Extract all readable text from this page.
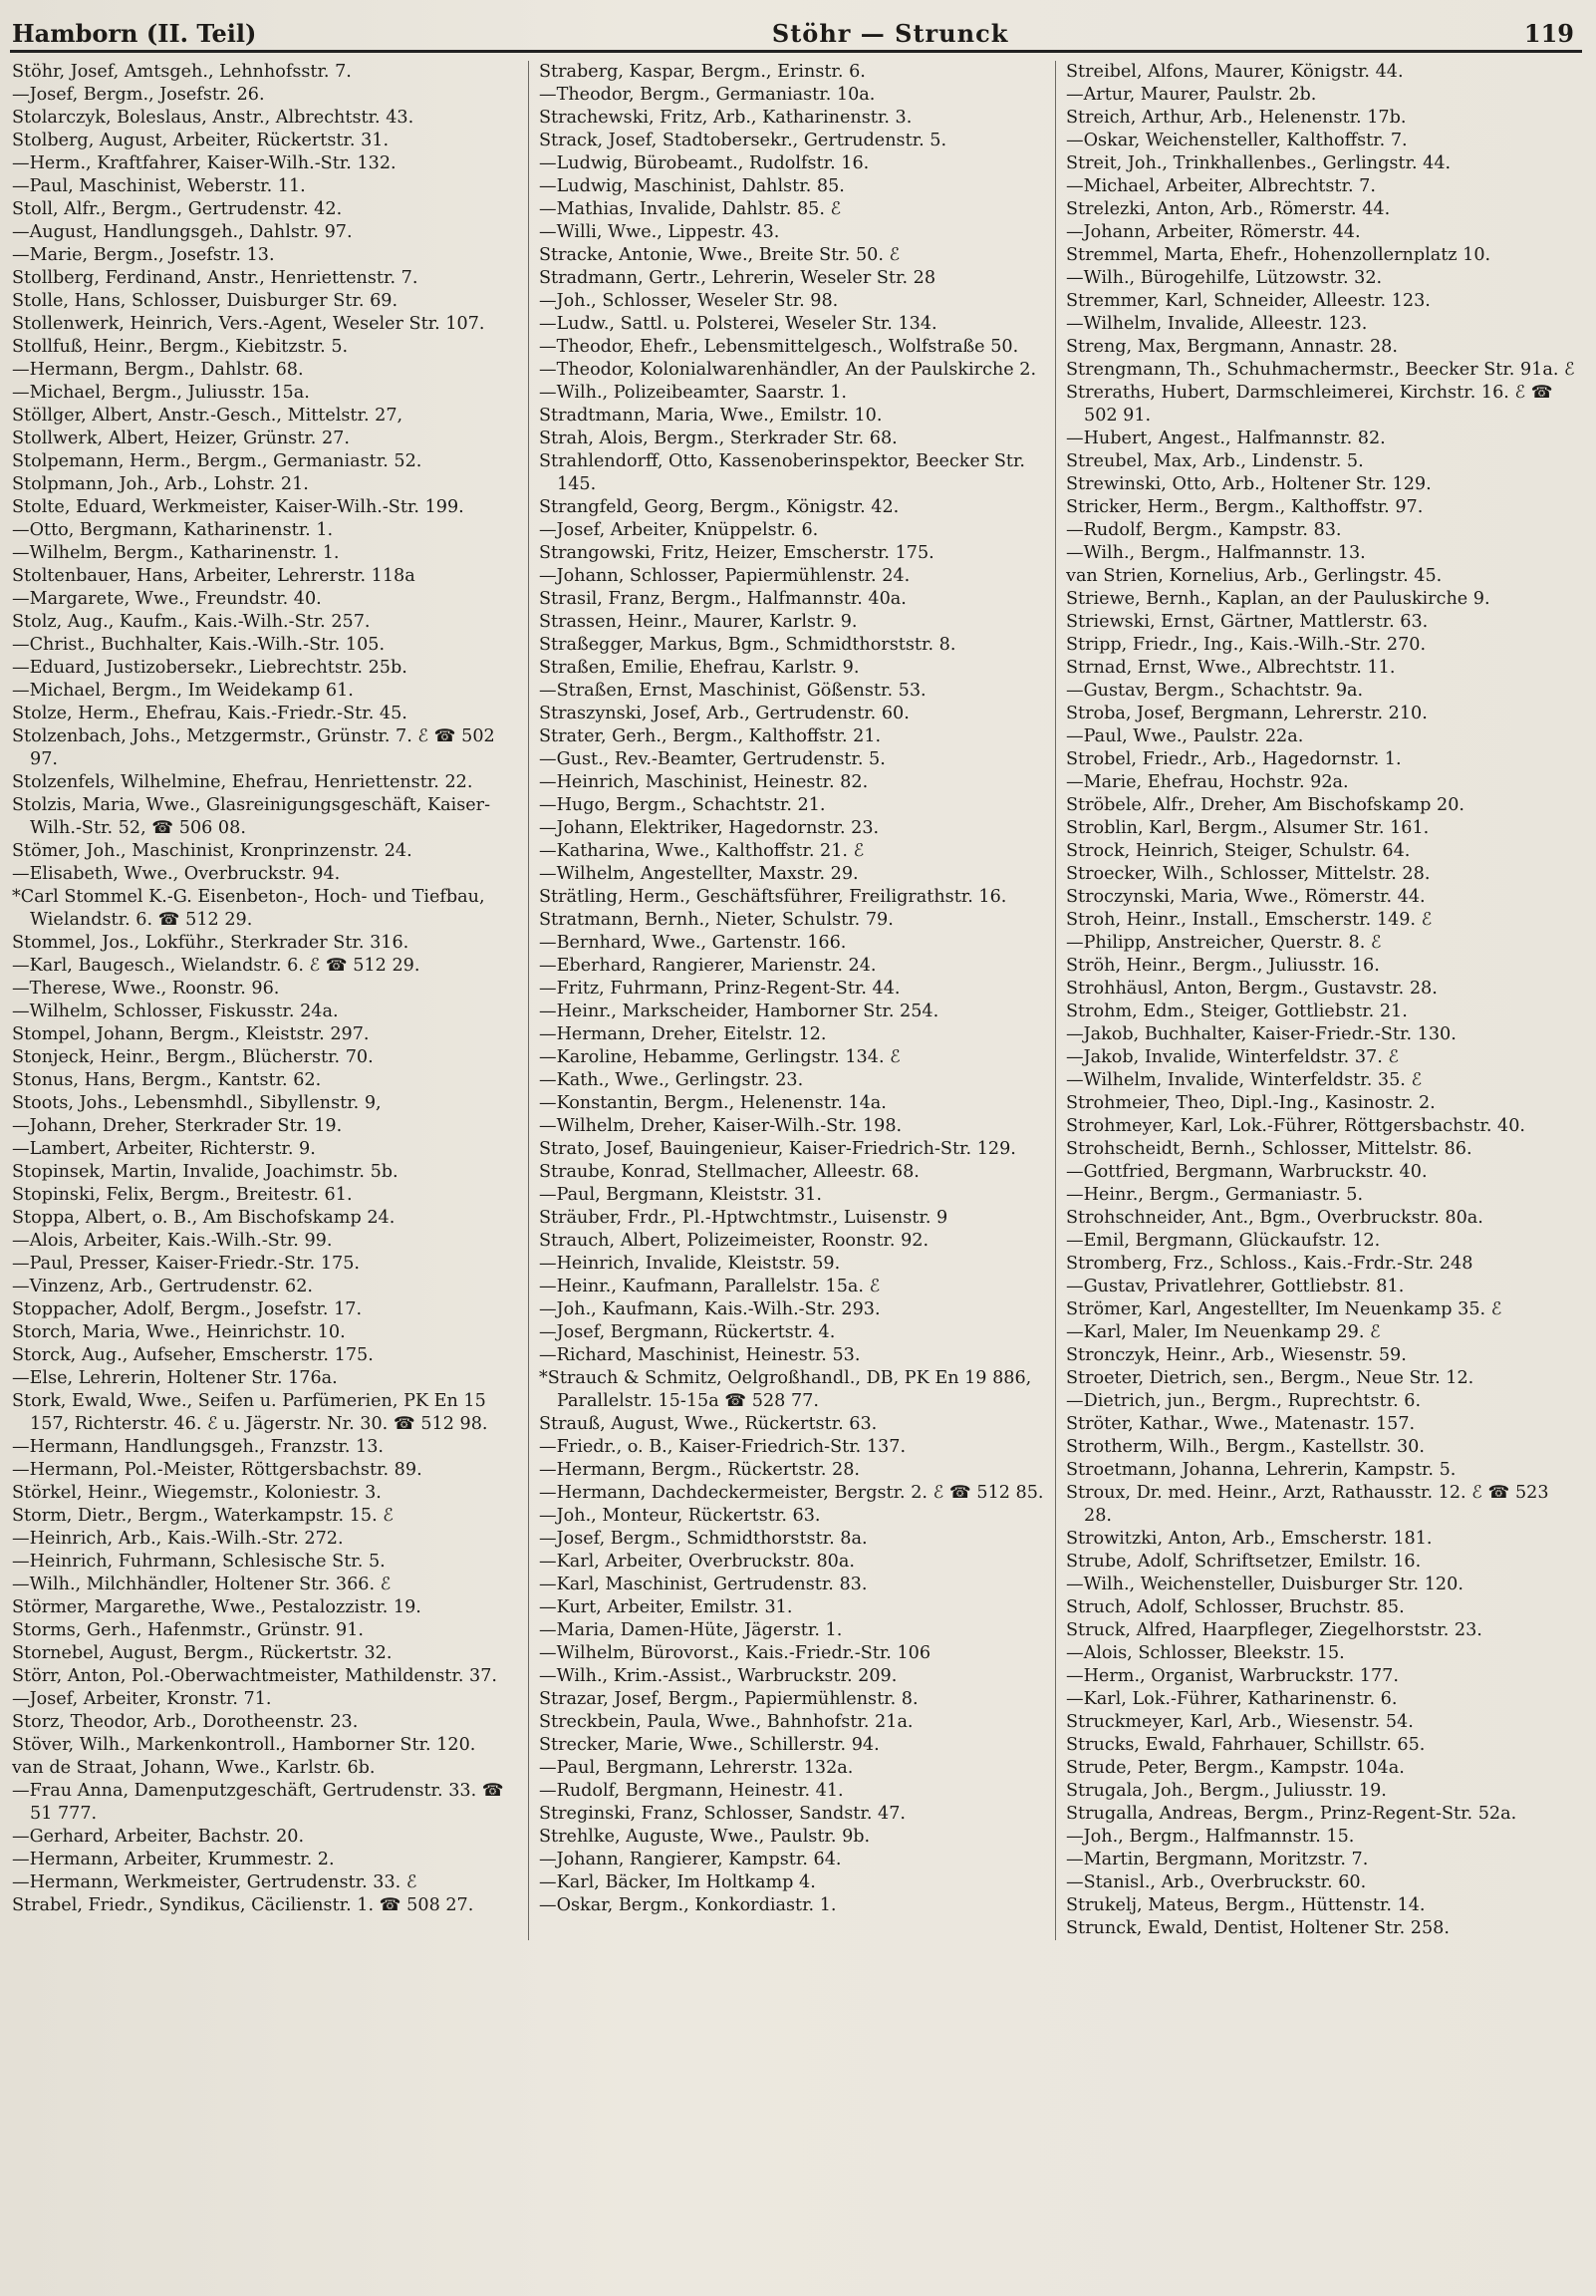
Hamborn (II. Teil)	Stöhr — Strunck	119

Stöhr, Josef, Amtsgeh., Lehnhofsstr. 7.

—Josef, Bergm., Josefstr. 26.

Stolarczyk, Boleslaus, Anstr., Albrechtstr. 43.

Stolberg, August, Arbeiter, Rückertstr. 31.

—Herm., Kraftfahrer, Kaiser-Wilh.-Str. 132.

—Paul, Maschinist, Weberstr. 11.

Stoll, Alfr., Bergm., Gertrudenstr. 42.

—August, Handlungsgeh., Dahlstr. 97.

—Marie, Bergm., Josefstr. 13.

Stollberg, Ferdinand, Anstr., Henriettenstr. 7.

Stolle, Hans, Schlosser, Duisburger Str. 69.

Stollenwerk, Heinrich, Vers.-Agent, Weseler Str. 107.

Stollfuß, Heinr., Bergm., Kiebitzstr. 5.

—Hermann, Bergm., Dahlstr. 68.

—Michael, Bergm., Juliusstr. 15a.

Stöllger, Albert, Anstr.-Gesch., Mittelstr. 27,

Stollwerk, Albert, Heizer, Grünstr. 27.

Stolpemann, Herm., Bergm., Germaniastr. 52.

Stolpmann, Joh., Arb., Lohstr. 21.

Stolte, Eduard, Werkmeister, Kaiser-Wilh.-Str. 199.

—Otto, Bergmann, Katharinenstr. 1.

—Wilhelm, Bergm., Katharinenstr. 1.

Stoltenbauer, Hans, Arbeiter, Lehrerstr. 118a

—Margarete, Wwe., Freundstr. 40.

Stolz, Aug., Kaufm., Kais.-Wilh.-Str. 257.

—Christ., Buchhalter, Kais.-Wilh.-Str. 105.

—Eduard, Justizobersekr., Liebrechtstr. 25b.

—Michael, Bergm., Im Weidekamp 61.

Stolze, Herm., Ehefrau, Kais.-Friedr.-Str. 45.

Stolzenbach, Johs., Metzgermstr., Grünstr. 7. ℰ ☎ 502 97.

Stolzenfels, Wilhelmine, Ehefrau, Henriettenstr. 22.

Stolzis, Maria, Wwe., Glasreinigungsgeschäft, Kaiser-Wilh.-Str. 52, ☎ 506 08.

Stömer, Joh., Maschinist, Kronprinzenstr. 24.

—Elisabeth, Wwe., Overbruckstr. 94.

*Carl Stommel K.-G. Eisenbeton-, Hoch- und Tiefbau, Wielandstr. 6. ☎ 512 29.

Stommel, Jos., Lokführ., Sterkrader Str. 316.

—Karl, Baugesch., Wielandstr. 6. ℰ ☎ 512 29.

—Therese, Wwe., Roonstr. 96.

—Wilhelm, Schlosser, Fiskusstr. 24a.

Stompel, Johann, Bergm., Kleiststr. 297.

Stonjeck, Heinr., Bergm., Blücherstr. 70.

Stonus, Hans, Bergm., Kantstr. 62.

Stoots, Johs., Lebensmhdl., Sibyllenstr. 9,

—Johann, Dreher, Sterkrader Str. 19.

—Lambert, Arbeiter, Richterstr. 9.

Stopinsek, Martin, Invalide, Joachimstr. 5b.

Stopinski, Felix, Bergm., Breitestr. 61.

Stoppa, Albert, o. B., Am Bischofskamp 24.

—Alois, Arbeiter, Kais.-Wilh.-Str. 99.

—Paul, Presser, Kaiser-Friedr.-Str. 175.

—Vinzenz, Arb., Gertrudenstr. 62.

Stoppacher, Adolf, Bergm., Josefstr. 17.

Storch, Maria, Wwe., Heinrichstr. 10.

Storck, Aug., Aufseher, Emscherstr. 175.

—Else, Lehrerin, Holtener Str. 176a.

Stork, Ewald, Wwe., Seifen u. Parfümerien, PK En 15 157, Richterstr. 46. ℰ u. Jägerstr. Nr. 30. ☎ 512 98.

—Hermann, Handlungsgeh., Franzstr. 13.

—Hermann, Pol.-Meister, Röttgersbachstr. 89.

Störkel, Heinr., Wiegemstr., Koloniestr. 3.

Storm, Dietr., Bergm., Waterkampstr. 15. ℰ

—Heinrich, Arb., Kais.-Wilh.-Str. 272.

—Heinrich, Fuhrmann, Schlesische Str. 5.

—Wilh., Milchhändler, Holtener Str. 366. ℰ

Störmer, Margarethe, Wwe., Pestalozzistr. 19.

Storms, Gerh., Hafenmstr., Grünstr. 91.

Stornebel, August, Bergm., Rückertstr. 32.

Störr, Anton, Pol.-Oberwachtmeister, Mathildenstr. 37.

—Josef, Arbeiter, Kronstr. 71.

Storz, Theodor, Arb., Dorotheenstr. 23.

Stöver, Wilh., Markenkontroll., Hamborner Str. 120.

van de Straat, Johann, Wwe., Karlstr. 6b.

—Frau Anna, Damenputzgeschäft, Gertrudenstr. 33. ☎ 51 777.

—Gerhard, Arbeiter, Bachstr. 20.

—Hermann, Arbeiter, Krummestr. 2.

—Hermann, Werkmeister, Gertrudenstr. 33. ℰ

Strabel, Friedr., Syndikus, Cäcilienstr. 1. ☎ 508 27.

Straberg, Kaspar, Bergm., Erinstr. 6.

—Theodor, Bergm., Germaniastr. 10a.

Strachewski, Fritz, Arb., Katharinenstr. 3.

Strack, Josef, Stadtobersekr., Gertrudenstr. 5.

—Ludwig, Bürobeamt., Rudolfstr. 16.

—Ludwig, Maschinist, Dahlstr. 85.

—Mathias, Invalide, Dahlstr. 85. ℰ

—Willi, Wwe., Lippestr. 43.

Stracke, Antonie, Wwe., Breite Str. 50. ℰ

Stradmann, Gertr., Lehrerin, Weseler Str. 28

—Joh., Schlosser, Weseler Str. 98.

—Ludw., Sattl. u. Polsterei, Weseler Str. 134.

—Theodor, Ehefr., Lebensmittelgesch., Wolfstraße 50.

—Theodor, Kolonialwarenhändler, An der Paulskirche 2.

—Wilh., Polizeibeamter, Saarstr. 1.

Stradtmann, Maria, Wwe., Emilstr. 10.

Strah, Alois, Bergm., Sterkrader Str. 68.

Strahlendorff, Otto, Kassenoberinspektor, Beecker Str. 145.

Strangfeld, Georg, Bergm., Königstr. 42.

—Josef, Arbeiter, Knüppelstr. 6.

Strangowski, Fritz, Heizer, Emscherstr. 175.

—Johann, Schlosser, Papiermühlenstr. 24.

Strasil, Franz, Bergm., Halfmannstr. 40a.

Strassen, Heinr., Maurer, Karlstr. 9.

Straßegger, Markus, Bgm., Schmidthorststr. 8.

Straßen, Emilie, Ehefrau, Karlstr. 9.

—Straßen, Ernst, Maschinist, Gößenstr. 53.

Straszynski, Josef, Arb., Gertrudenstr. 60.

Strater, Gerh., Bergm., Kalthoffstr. 21.

—Gust., Rev.-Beamter, Gertrudenstr. 5.

—Heinrich, Maschinist, Heinestr. 82.

—Hugo, Bergm., Schachtstr. 21.

—Johann, Elektriker, Hagedornstr. 23.

—Katharina, Wwe., Kalthoffstr. 21. ℰ

—Wilhelm, Angestellter, Maxstr. 29.

Strätling, Herm., Geschäftsführer, Freiligrathstr. 16.

Stratmann, Bernh., Nieter, Schulstr. 79.

—Bernhard, Wwe., Gartenstr. 166.

—Eberhard, Rangierer, Marienstr. 24.

—Fritz, Fuhrmann, Prinz-Regent-Str. 44.

—Heinr., Markscheider, Hamborner Str. 254.

—Hermann, Dreher, Eitelstr. 12.

—Karoline, Hebamme, Gerlingstr. 134. ℰ

—Kath., Wwe., Gerlingstr. 23.

—Konstantin, Bergm., Helenenstr. 14a.

—Wilhelm, Dreher, Kaiser-Wilh.-Str. 198.

Strato, Josef, Bauingenieur, Kaiser-Friedrich-Str. 129.

Straube, Konrad, Stellmacher, Alleestr. 68.

—Paul, Bergmann, Kleiststr. 31.

Sträuber, Frdr., Pl.-Hptwchtmstr., Luisenstr. 9

Strauch, Albert, Polizeimeister, Roonstr. 92.

—Heinrich, Invalide, Kleiststr. 59.

—Heinr., Kaufmann, Parallelstr. 15a. ℰ

—Joh., Kaufmann, Kais.-Wilh.-Str. 293.

—Josef, Bergmann, Rückertstr. 4.

—Richard, Maschinist, Heinestr. 53.

*Strauch & Schmitz, Oelgroßhandl., DB, PK En 19 886, Parallelstr. 15-15a ☎ 528 77.

Strauß, August, Wwe., Rückertstr. 63.

—Friedr., o. B., Kaiser-Friedrich-Str. 137.

—Hermann, Bergm., Rückertstr. 28.

—Hermann, Dachdeckermeister, Bergstr. 2. ℰ ☎ 512 85.

—Joh., Monteur, Rückertstr. 63.

—Josef, Bergm., Schmidthorststr. 8a.

—Karl, Arbeiter, Overbruckstr. 80a.

—Karl, Maschinist, Gertrudenstr. 83.

—Kurt, Arbeiter, Emilstr. 31.

—Maria, Damen-Hüte, Jägerstr. 1.

—Wilhelm, Bürovorst., Kais.-Friedr.-Str. 106

—Wilh., Krim.-Assist., Warbruckstr. 209.

Strazar, Josef, Bergm., Papiermühlenstr. 8.

Streckbein, Paula, Wwe., Bahnhofstr. 21a.

Strecker, Marie, Wwe., Schillerstr. 94.

—Paul, Bergmann, Lehrerstr. 132a.

—Rudolf, Bergmann, Heinestr. 41.

Streginski, Franz, Schlosser, Sandstr. 47.

Strehlke, Auguste, Wwe., Paulstr. 9b.

—Johann, Rangierer, Kampstr. 64.

—Karl, Bäcker, Im Holtkamp 4.

—Oskar, Bergm., Konkordiastr. 1.

Streibel, Alfons, Maurer, Königstr. 44.

—Artur, Maurer, Paulstr. 2b.

Streich, Arthur, Arb., Helenenstr. 17b.

—Oskar, Weichensteller, Kalthoffstr. 7.

Streit, Joh., Trinkhallenbes., Gerlingstr. 44.

—Michael, Arbeiter, Albrechtstr. 7.

Strelezki, Anton, Arb., Römerstr. 44.

—Johann, Arbeiter, Römerstr. 44.

Stremmel, Marta, Ehefr., Hohenzollernplatz 10.

—Wilh., Bürogehilfe, Lützowstr. 32.

Stremmer, Karl, Schneider, Alleestr. 123.

—Wilhelm, Invalide, Alleestr. 123.

Streng, Max, Bergmann, Annastr. 28.

Strengmann, Th., Schuhmachermstr., Beecker Str. 91a. ℰ

Streraths, Hubert, Darmschleimerei, Kirchstr. 16. ℰ ☎ 502 91.

—Hubert, Angest., Halfmannstr. 82.

Streubel, Max, Arb., Lindenstr. 5.

Strewinski, Otto, Arb., Holtener Str. 129.

Stricker, Herm., Bergm., Kalthoffstr. 97.

—Rudolf, Bergm., Kampstr. 83.

—Wilh., Bergm., Halfmannstr. 13.

van Strien, Kornelius, Arb., Gerlingstr. 45.

Striewe, Bernh., Kaplan, an der Pauluskirche 9.

Striewski, Ernst, Gärtner, Mattlerstr. 63.

Stripp, Friedr., Ing., Kais.-Wilh.-Str. 270.

Strnad, Ernst, Wwe., Albrechtstr. 11.

—Gustav, Bergm., Schachtstr. 9a.

Stroba, Josef, Bergmann, Lehrerstr. 210.

—Paul, Wwe., Paulstr. 22a.

Strobel, Friedr., Arb., Hagedornstr. 1.

—Marie, Ehefrau, Hochstr. 92a.

Ströbele, Alfr., Dreher, Am Bischofskamp 20.

Stroblin, Karl, Bergm., Alsumer Str. 161.

Strock, Heinrich, Steiger, Schulstr. 64.

Stroecker, Wilh., Schlosser, Mittelstr. 28.

Stroczynski, Maria, Wwe., Römerstr. 44.

Stroh, Heinr., Install., Emscherstr. 149. ℰ

—Philipp, Anstreicher, Querstr. 8. ℰ

Ströh, Heinr., Bergm., Juliusstr. 16.

Strohhäusl, Anton, Bergm., Gustavstr. 28.

Strohm, Edm., Steiger, Gottliebstr. 21.

—Jakob, Buchhalter, Kaiser-Friedr.-Str. 130.

—Jakob, Invalide, Winterfeldstr. 37. ℰ

—Wilhelm, Invalide, Winterfeldstr. 35. ℰ

Strohmeier, Theo, Dipl.-Ing., Kasinostr. 2.

Strohmeyer, Karl, Lok.-Führer, Röttgersbachstr. 40.

Strohscheidt, Bernh., Schlosser, Mittelstr. 86.

—Gottfried, Bergmann, Warbruckstr. 40.

—Heinr., Bergm., Germaniastr. 5.

Strohschneider, Ant., Bgm., Overbruckstr. 80a.

—Emil, Bergmann, Glückaufstr. 12.

Stromberg, Frz., Schloss., Kais.-Frdr.-Str. 248

—Gustav, Privatlehrer, Gottliebstr. 81.

Strömer, Karl, Angestellter, Im Neuenkamp 35. ℰ

—Karl, Maler, Im Neuenkamp 29. ℰ

Stronczyk, Heinr., Arb., Wiesenstr. 59.

Stroeter, Dietrich, sen., Bergm., Neue Str. 12.

—Dietrich, jun., Bergm., Ruprechtstr. 6.

Ströter, Kathar., Wwe., Matenastr. 157.

Strotherm, Wilh., Bergm., Kastellstr. 30.

Stroetmann, Johanna, Lehrerin, Kampstr. 5.

Stroux, Dr. med. Heinr., Arzt, Rathausstr. 12. ℰ ☎ 523 28.

Strowitzki, Anton, Arb., Emscherstr. 181.

Strube, Adolf, Schriftsetzer, Emilstr. 16.

—Wilh., Weichensteller, Duisburger Str. 120.

Struch, Adolf, Schlosser, Bruchstr. 85.

Struck, Alfred, Haarpfleger, Ziegelhorststr. 23.

—Alois, Schlosser, Bleekstr. 15.

—Herm., Organist, Warbruckstr. 177.

—Karl, Lok.-Führer, Katharinenstr. 6.

Struckmeyer, Karl, Arb., Wiesenstr. 54.

Strucks, Ewald, Fahrhauer, Schillstr. 65.

Strude, Peter, Bergm., Kampstr. 104a.

Strugala, Joh., Bergm., Juliusstr. 19.

Strugalla, Andreas, Bergm., Prinz-Regent-Str. 52a.

—Joh., Bergm., Halfmannstr. 15.

—Martin, Bergmann, Moritzstr. 7.

—Stanisl., Arb., Overbruckstr. 60.

Strukelj, Mateus, Bergm., Hüttenstr. 14.

Strunck, Ewald, Dentist, Holtener Str. 258.
